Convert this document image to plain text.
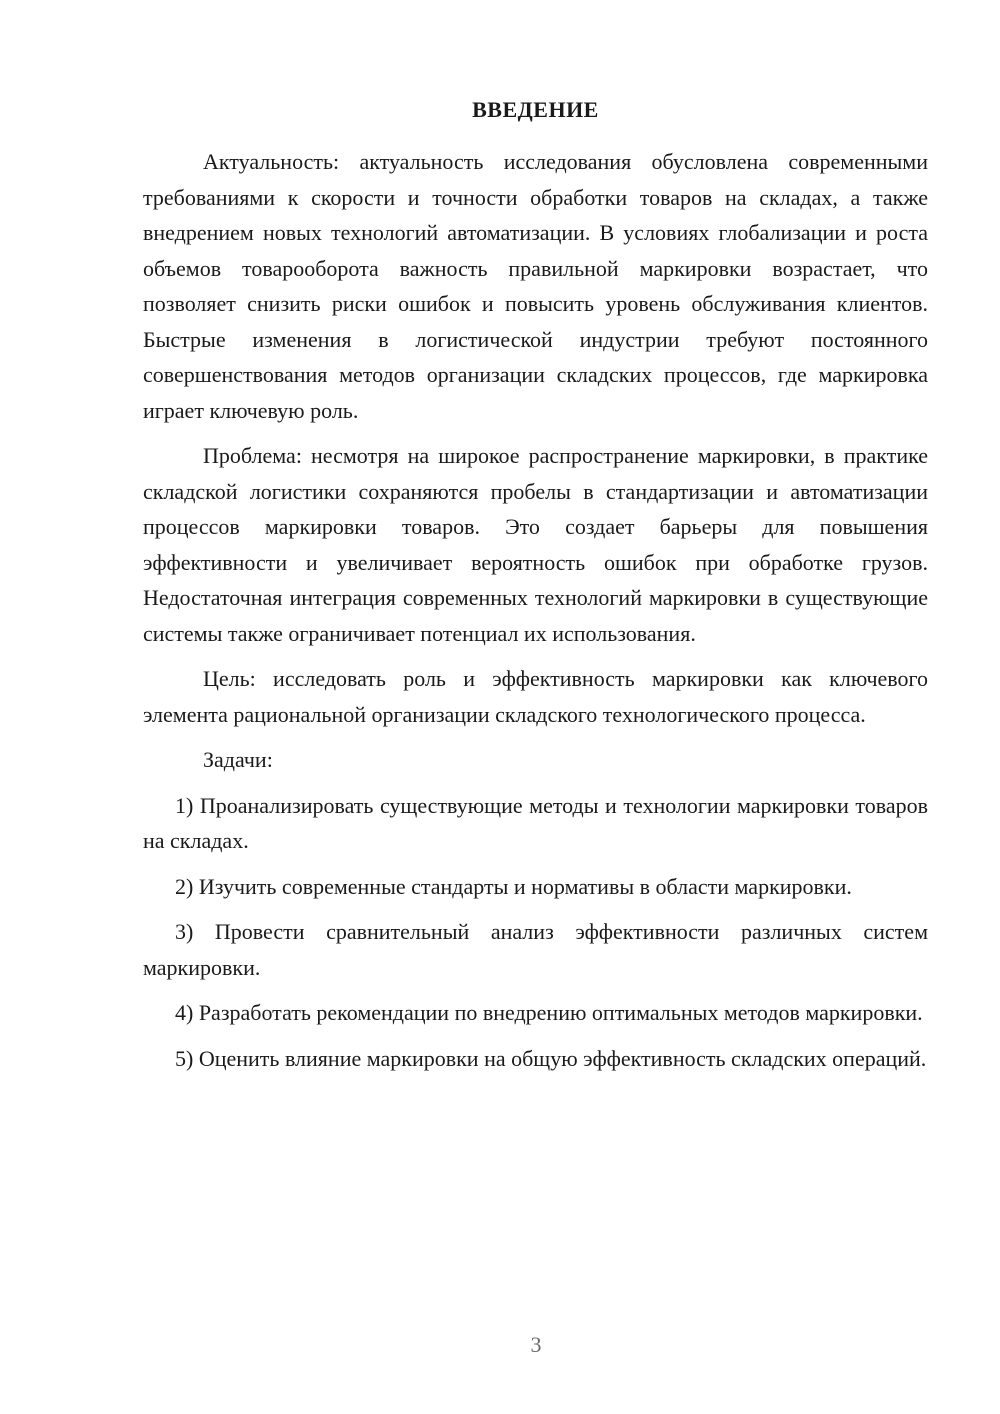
ВВЕДЕНИЕ

Актуальность: актуальность исследования обусловлена современными требованиями к скорости и точности обработки товаров на складах, а также внедрением новых технологий автоматизации. В условиях глобализации и роста объемов товарооборота важность правильной маркировки возрастает, что позволяет снизить риски ошибок и повысить уровень обслуживания клиентов. Быстрые изменения в логистической индустрии требуют постоянного совершенствования методов организации складских процессов, где маркировка играет ключевую роль.

Проблема: несмотря на широкое распространение маркировки, в практике складской логистики сохраняются пробелы в стандартизации и автоматизации процессов маркировки товаров. Это создает барьеры для повышения эффективности и увеличивает вероятность ошибок при обработке грузов. Недостаточная интеграция современных технологий маркировки в существующие системы также ограничивает потенциал их использования.

Цель: исследовать роль и эффективность маркировки как ключевого элемента рациональной организации складского технологического процесса.

Задачи:

1) Проанализировать существующие методы и технологии маркировки товаров на складах.

2) Изучить современные стандарты и нормативы в области маркировки.

3) Провести сравнительный анализ эффективности различных систем маркировки.

4) Разработать рекомендации по внедрению оптимальных методов маркировки.

5) Оценить влияние маркировки на общую эффективность складских операций.

3
